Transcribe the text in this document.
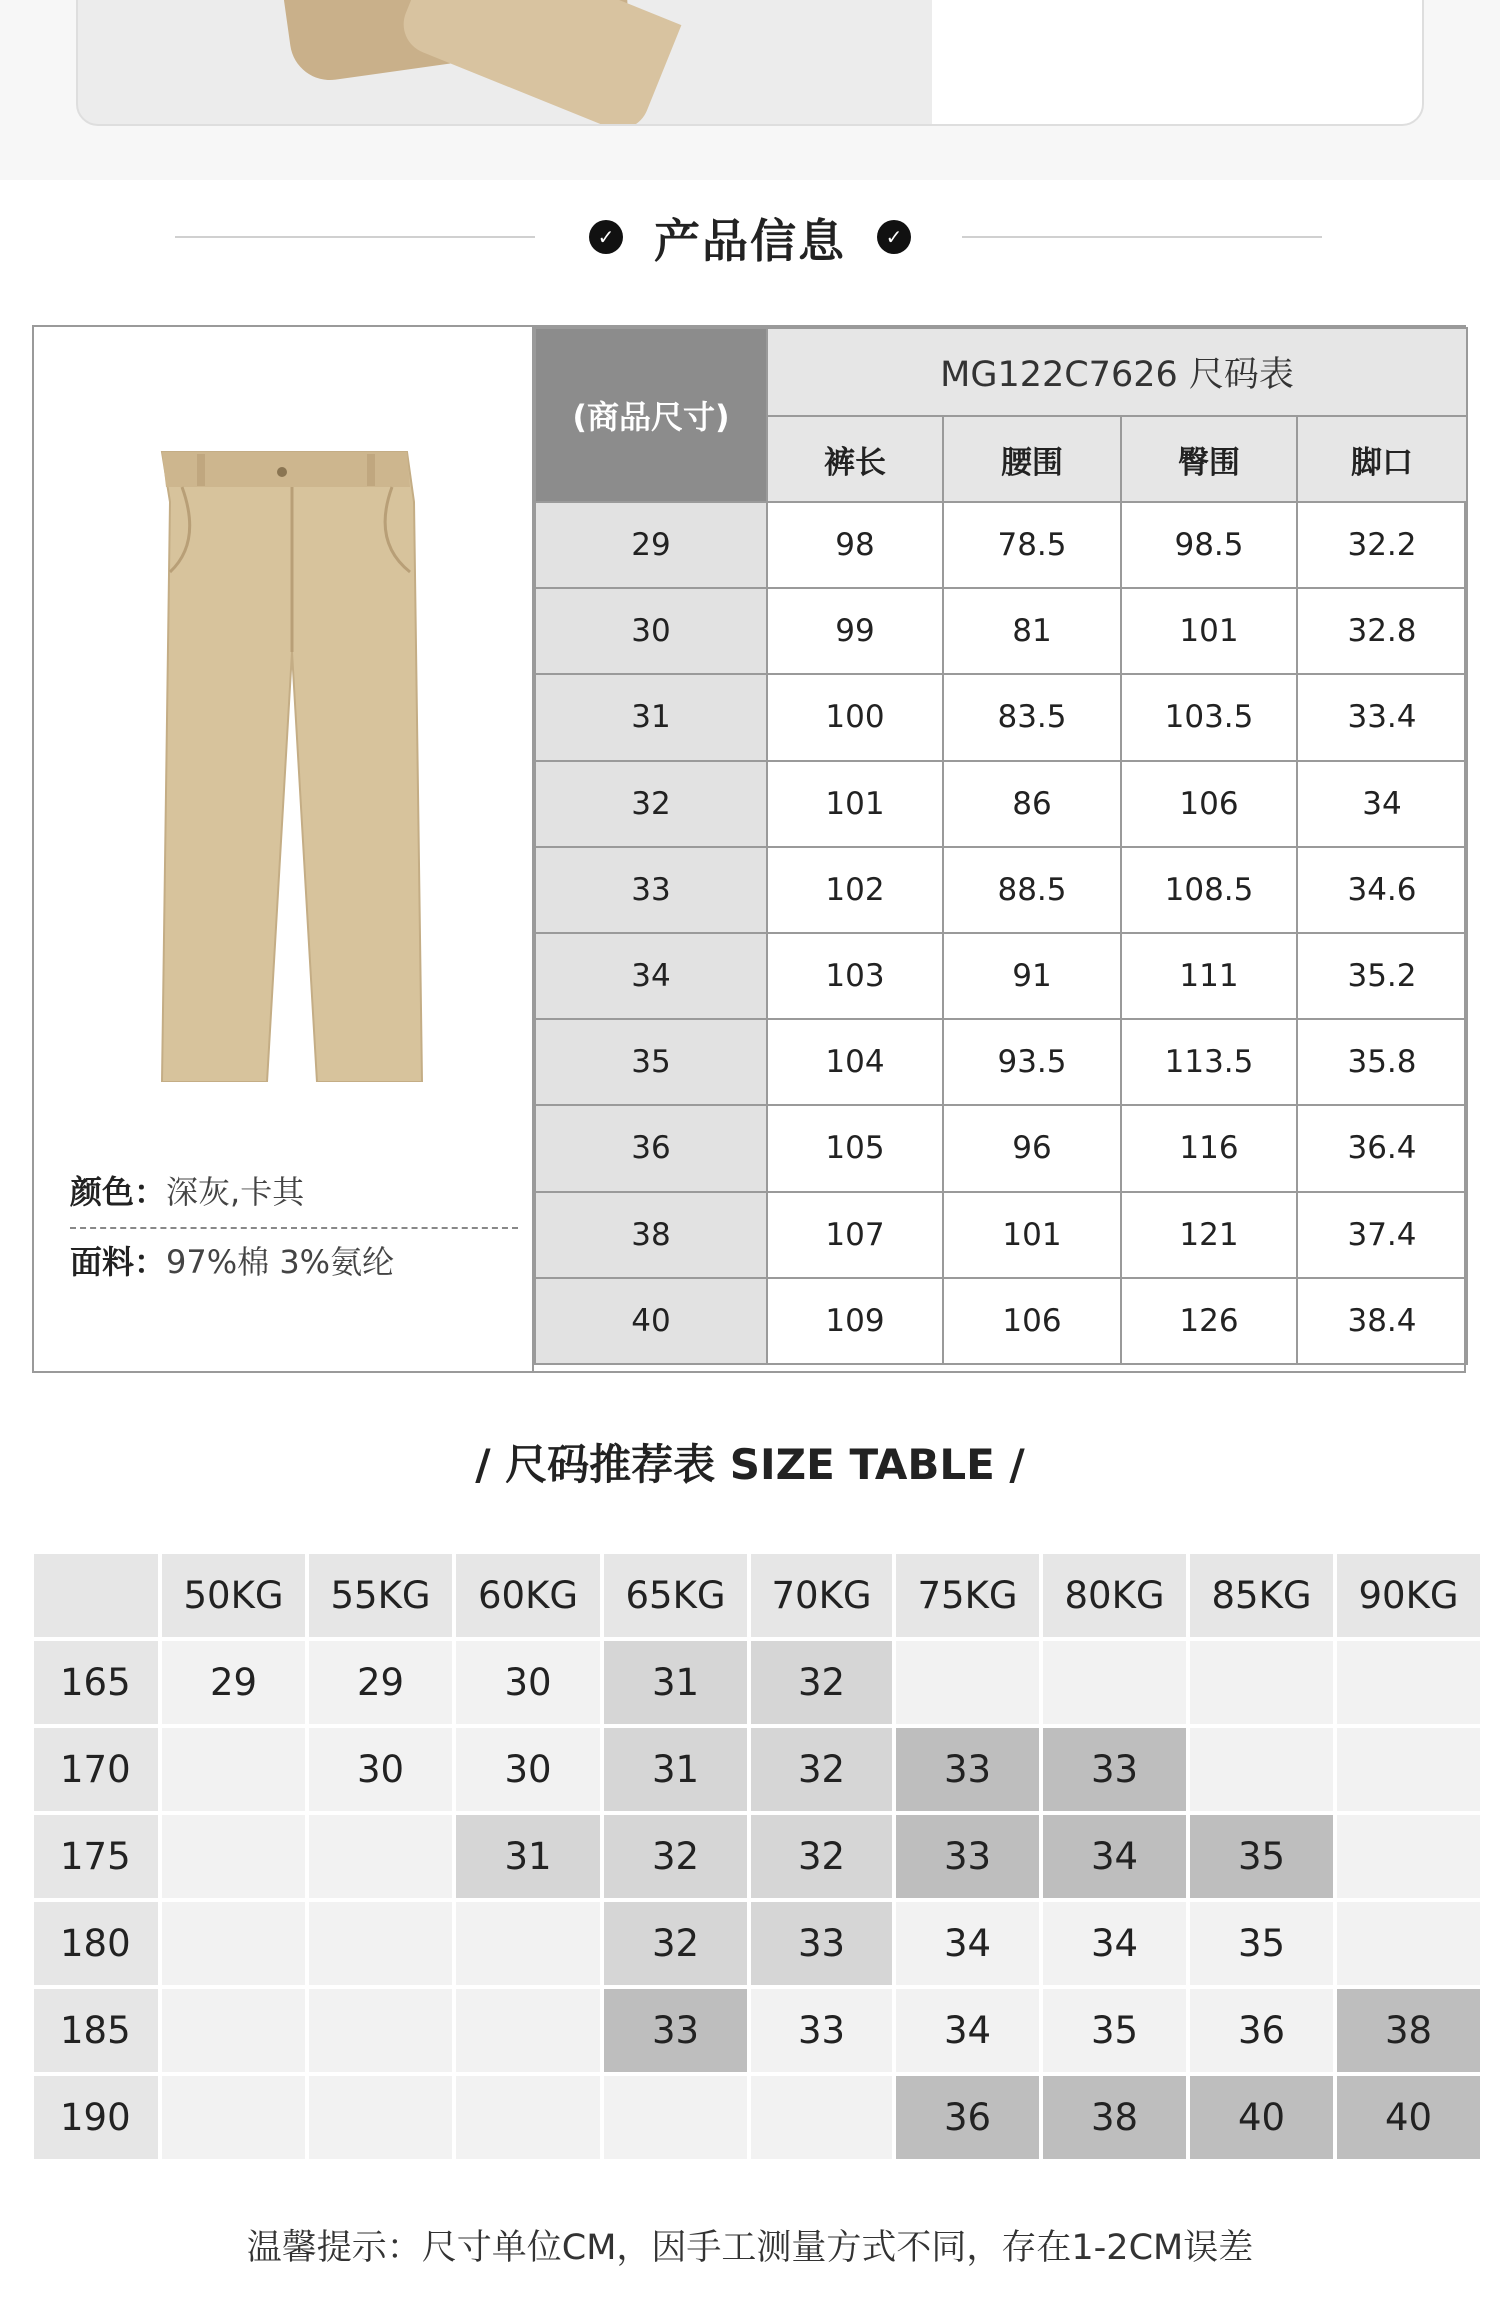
✓ 产品信息	✓
颜色：深灰,卡其
面料：97%棉 3%氨纶
(商品尺寸)	MG122C7626 尺码表			
	裤长	腰围	臀围	脚口
29	98	78.5	98.5	32.2
30	99	81	101	32.8
31	100	83.5	103.5	33.4
32	101	86	106	34
33	102	88.5	108.5	34.6
34	103	91	111	35.2
35	104	93.5	113.5	35.8
36	105	96	116	36.4
38	107	101	121	37.4
40	109	106	126	38.4
/ 尺码推荐表 SIZE TABLE /
	50KG	55KG	60KG	65KG	70KG	75KG	80KG	85KG	90KG
165	29	29	30	31	32				
170		30	30	31	32	33	33		
175			31	32	32	33	34	35	
180				32	33	34	34	35	
185				33	33	34	35	36	38
190						36	38	40	40
温馨提示：尺寸单位CM，因手工测量方式不同，存在1-2CM误差
